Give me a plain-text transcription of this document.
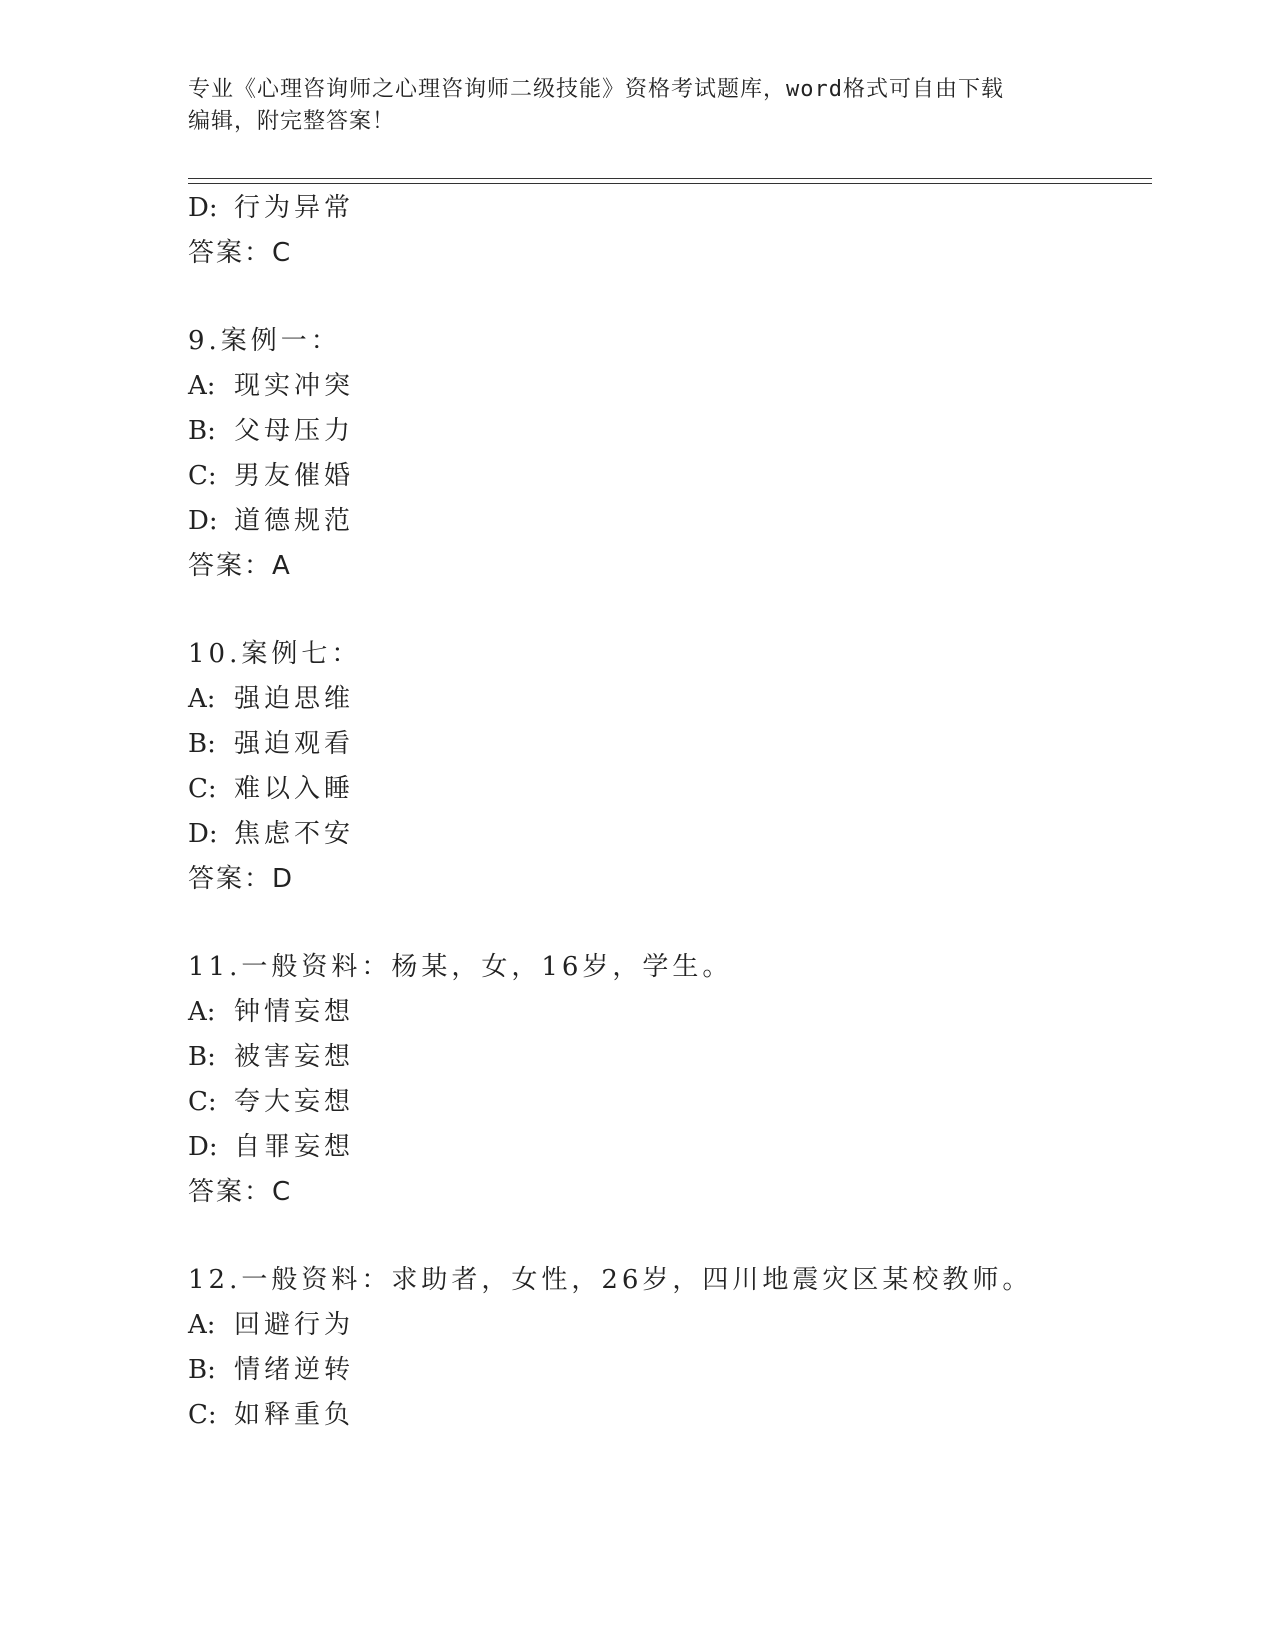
专业《心理咨询师之心理咨询师二级技能》资格考试题库，word格式可自由下载
编辑，附完整答案！
D: 行为异常
答案：C
9.案例一：
A: 现实冲突
B: 父母压力
C: 男友催婚
D: 道德规范
答案：A
10.案例七：
A: 强迫思维
B: 强迫观看
C: 难以入睡
D: 焦虑不安
答案：D
11.一般资料：杨某，女，16岁，学生。
A: 钟情妄想
B: 被害妄想
C: 夸大妄想
D: 自罪妄想
答案：C
12.一般资料：求助者，女性，26岁，四川地震灾区某校教师。
A: 回避行为
B: 情绪逆转
C: 如释重负
